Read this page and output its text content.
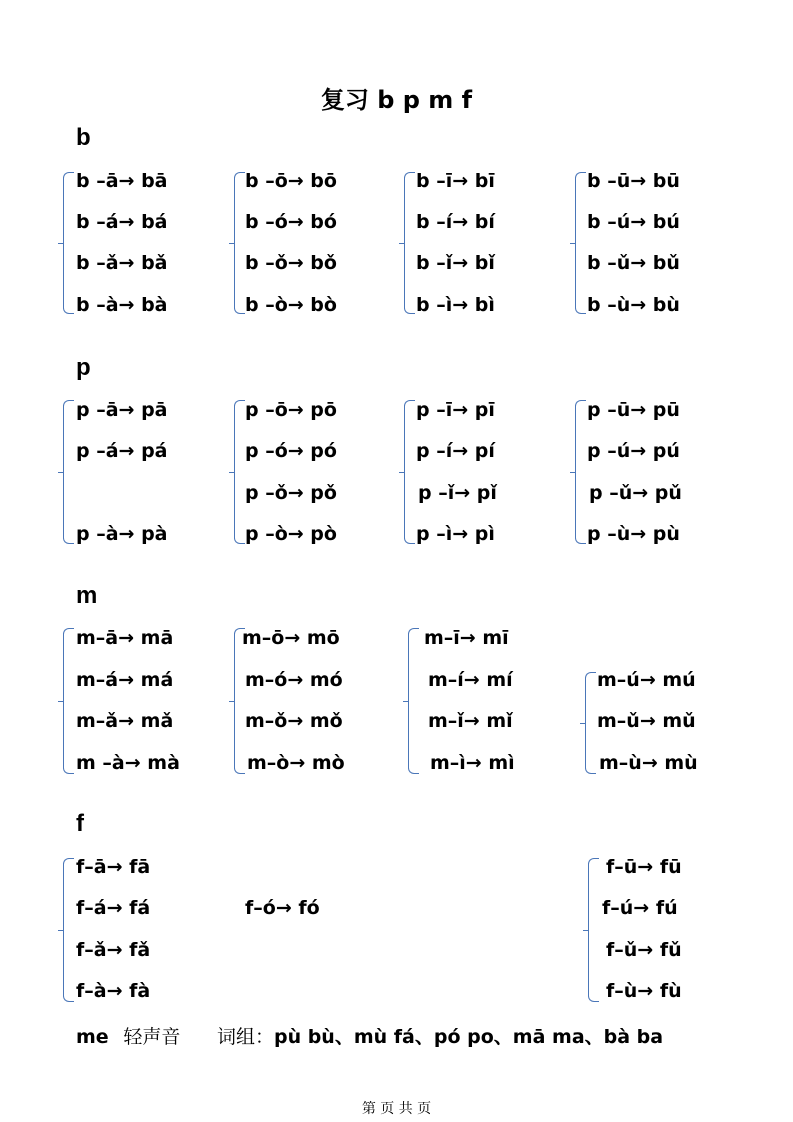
复习 b p m f
b
b –ā→ bā
b –á→ bá
b –ǎ→ bǎ
b –à→ bà
b –ō→ bō
b –ó→ bó
b –ǒ→ bǒ
b –ò→ bò
b –ī→ bī
b –í→ bí
b –ǐ→ bǐ
b –ì→ bì
b –ū→ bū
b –ú→ bú
b –ǔ→ bǔ
b –ù→ bù
p
p –ā→ pā
p –á→ pá
p –à→ pà
p –ō→ pō
p –ó→ pó
p –ǒ→ pǒ
p –ò→ pò
p –ī→ pī
p –í→ pí
p –ǐ→ pǐ
p –ì→ pì
p –ū→ pū
p –ú→ pú
p –ǔ→ pǔ
p –ù→ pù
m
m–ā→ mā
m–á→ má
m–ǎ→ mǎ
m –à→ mà
m–ō→ mō
m–ó→ mó
m–ǒ→ mǒ
m–ò→ mò
m–ī→ mī
m–í→ mí
m–ǐ→ mǐ
m–ì→ mì
m–ú→ mú
m–ǔ→ mǔ
m–ù→ mù
f
f–ā→ fā
f–á→ fá
f–ǎ→ fǎ
f–à→ fà
f–ó→ fó
f–ū→ fū
f–ú→ fú
f–ǔ→ fǔ
f–ù→ fù
me 轻声音 词组：pù bù、mù fá、pó po、mā ma、bà ba
第 页 共 页
